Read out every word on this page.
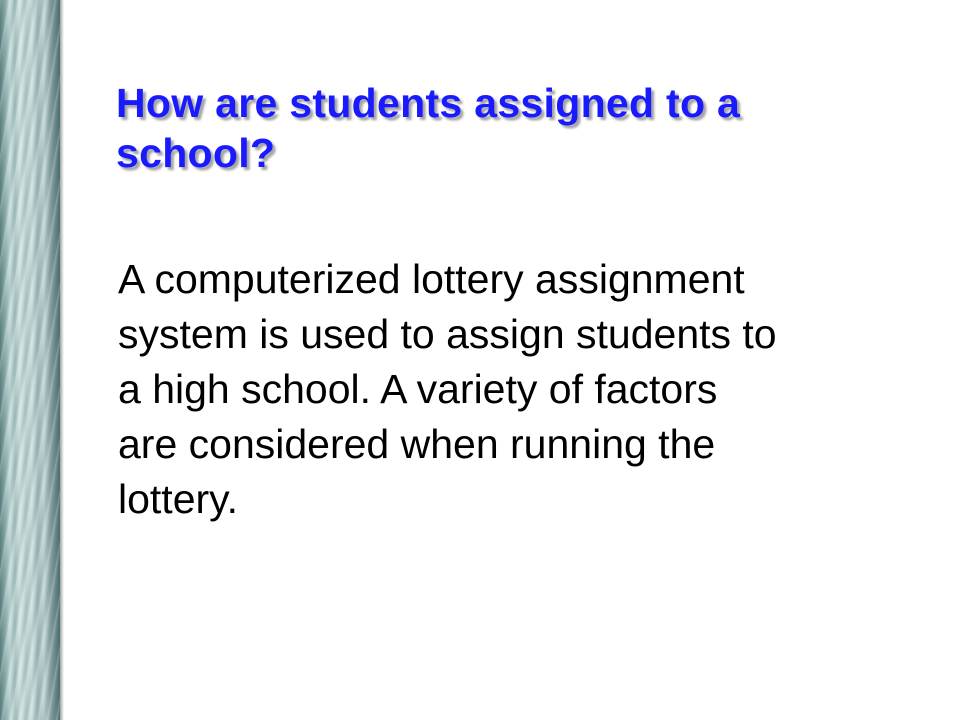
How are students assigned to a
school?

A computerized lottery assignment
system is used to assign students to
a high school. A variety of factors
are considered when running the
lottery.
